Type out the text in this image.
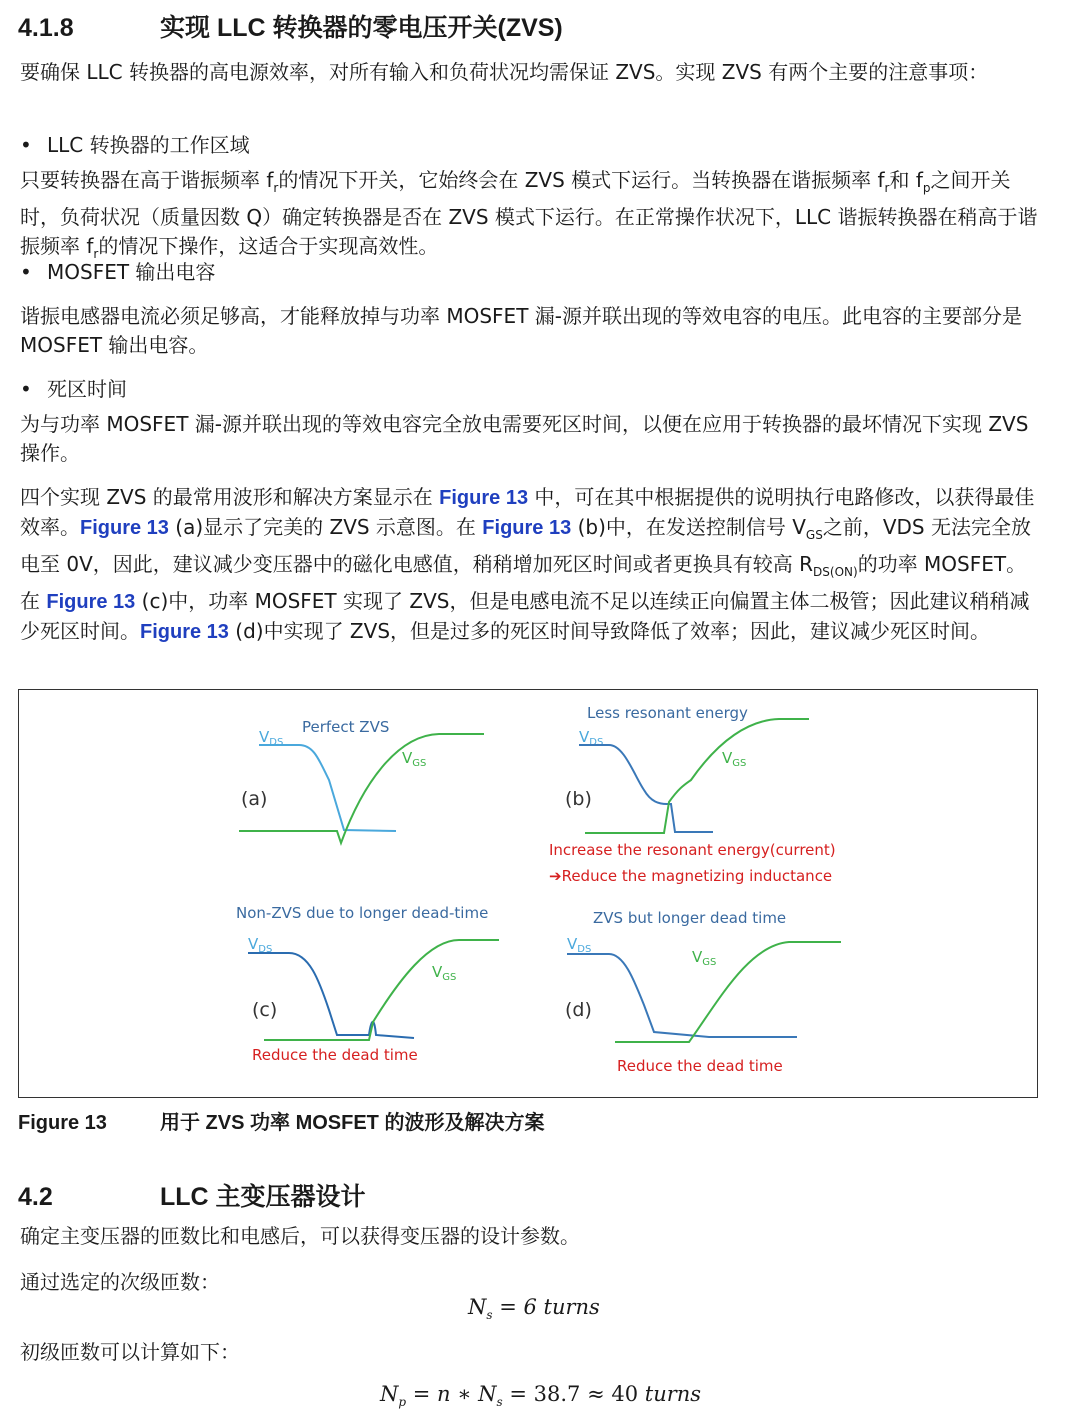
4.1.8	实现 LLC 转换器的零电压开关(ZVS)

要确保 LLC 转换器的高电源效率，对所有输入和负荷状况均需保证 ZVS。实现 ZVS 有两个主要的注意事项：

• LLC 转换器的工作区域

只要转换器在高于谐振频率 $f_r$的情况下开关，它始终会在 ZVS 模式下运行。当转换器在谐振频率 $f_r$和 $f_p$之间开关时，负荷状况（质量因数 Q）确定转换器是否在 ZVS 模式下运行。在正常操作状况下，LLC 谐振转换器在稍高于谐振频率 $f_r$的情况下操作，这适合于实现高效性。

• MOSFET 输出电容

谐振电感器电流必须足够高，才能释放掉与功率 MOSFET 漏-源并联出现的等效电容的电压。此电容的主要部分是 MOSFET 输出电容。

• 死区时间

为与功率 MOSFET 漏-源并联出现的等效电容完全放电需要死区时间，以便在应用于转换器的最坏情况下实现 ZVS 操作。

四个实现 ZVS 的最常用波形和解决方案显示在 Figure 13 中，可在其中根据提供的说明执行电路修改，以获得最佳效率。Figure 13 (a)显示了完美的 ZVS 示意图。在 Figure 13 (b)中，在发送控制信号 $V_{GS}$之前，VDS 无法完全放电至 0V，因此，建议减少变压器中的磁化电感值，稍稍增加死区时间或者更换具有较高 $R_{DS(ON)}$的功率 MOSFET。在 Figure 13 (c)中，功率 MOSFET 实现了 ZVS，但是电感电流不足以连续正向偏置主体二极管；因此建议稍稍减少死区时间。Figure 13 (d)中实现了 ZVS，但是过多的死区时间导致降低了效率；因此，建议减少死区时间。

Perfect ZVS
$V_{DS}$
$V_{GS}$
(a)
Less resonant energy
$V_{DS}$
$V_{GS}$
(b)
Increase the resonant energy(current)
➔Reduce the magnetizing inductance
Non-ZVS due to longer dead-time
$V_{DS}$
$V_{GS}$
(c)
Reduce the dead time
ZVS but longer dead time
$V_{DS}$	$V_{GS}$
(d)
Reduce the dead time
Figure 13	用于 ZVS 功率 MOSFET 的波形及解决方案
4.2	LLC 主变压器设计

确定主变压器的匝数比和电感后，可以获得变压器的设计参数。

通过选定的次级匝数：

$N_s = 6$ turns

初级匝数可以计算如下：

$N_p = n$ ∗ $N_s = 38.7 \approx 40$ turns
